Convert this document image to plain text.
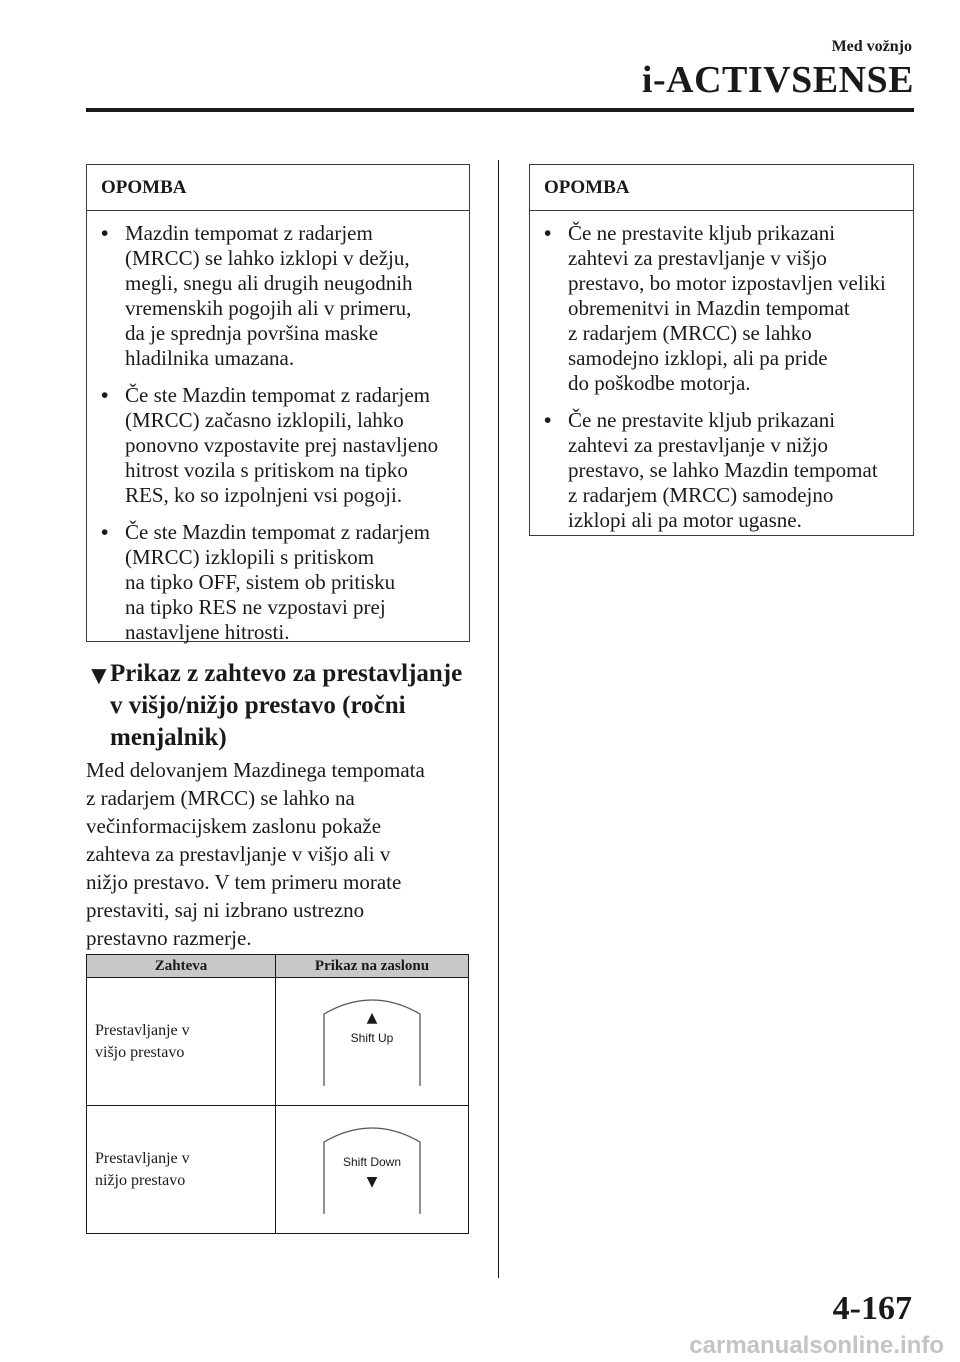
Med vožnjo
i-ACTIVSENSE
OPOMBA
• Mazdin tempomat z radarjem
(MRCC) se lahko izklopi v dežju,
megli, snegu ali drugih neugodnih
vremenskih pogojih ali v primeru,
da je sprednja površina maske
hladilnika umazana.
• Če ste Mazdin tempomat z radarjem
(MRCC) začasno izklopili, lahko
ponovno vzpostavite prej nastavljeno
hitrost vozila s pritiskom na tipko
RES, ko so izpolnjeni vsi pogoji.
• Če ste Mazdin tempomat z radarjem
(MRCC) izklopili s pritiskom
na tipko OFF, sistem ob pritisku
na tipko RES ne vzpostavi prej
nastavljene hitrosti.
▼
Prikaz z zahtevo za prestavljanje
v višjo/nižjo prestavo (ročni
menjalnik)
Med delovanjem Mazdinega tempomata
z radarjem (MRCC) se lahko na
večinformacijskem zaslonu pokaže
zahteva za prestavljanje v višjo ali v
nižjo prestavo. V tem primeru morate
prestaviti, saj ni izbrano ustrezno
prestavno razmerje.
Zahteva	Prikaz na zaslonu
Prestavljanje v
višjo prestavo	▲
Shift Up

Prestavljanje v
nižjo prestavo	Shift Down
▼
OPOMBA
• Če ne prestavite kljub prikazani
zahtevi za prestavljanje v višjo
prestavo, bo motor izpostavljen veliki
obremenitvi in Mazdin tempomat
z radarjem (MRCC) se lahko
samodejno izklopi, ali pa pride
do poškodbe motorja.
• Če ne prestavite kljub prikazani
zahtevi za prestavljanje v nižjo
prestavo, se lahko Mazdin tempomat
z radarjem (MRCC) samodejno
izklopi ali pa motor ugasne.
4-167
carmanualsonline.info
